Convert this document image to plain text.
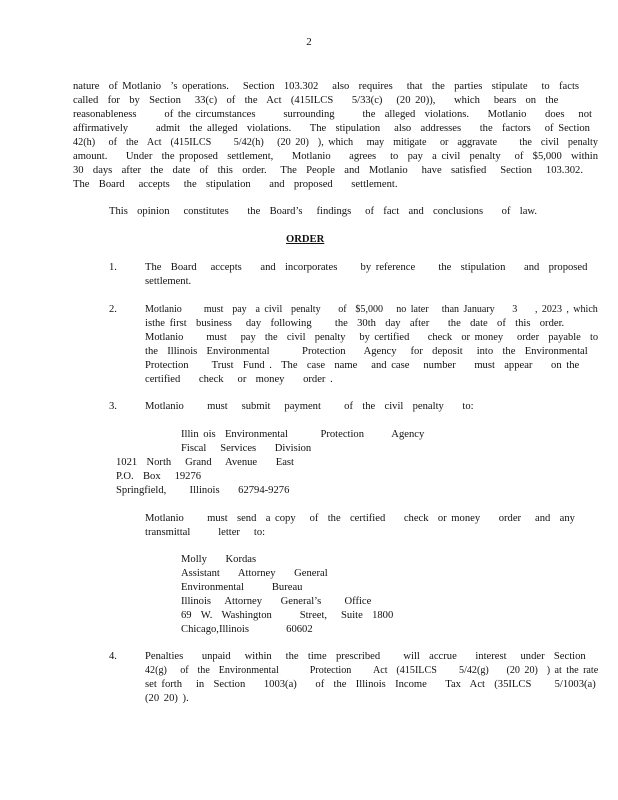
2
nature  of Motlanio  ’s operations.   Section  103.302   also  requires   that  the  parties  stipulate   to  facts
called  for  by  Section   33(c)  of  the  Act  (415ILCS    5/33(c)   (20 20)),    which   bears  on  the
reasonableness      of the circumstances      surrounding      the  alleged  violations.    Motlanio    does   not
affirmatively      admit  the alleged  violations.    The  stipulation   also  addresses    the  factors   of Section
42(h)   of  the  Act  (415ILCS     5/42(h)   (20 20)  ), which   may  mitigate   or  aggravate     the  civil  penalty
amount.    Under  the proposed  settlement,    Motlanio    agrees   to  pay  a civil  penalty   of  $5,000  within
30  days  after  the  date  of  this  order.   The  People  and  Motlanio   have  satisfied   Section   103.302.
The  Board   accepts   the  stipulation    and  proposed    settlement.
This  opinion   constitutes    the  Board’s   findings   of  fact  and  conclusions    of  law.
ORDER
1.	The  Board   accepts    and  incorporates     by reference     the  stipulation    and  proposed
settlement.
2.	Motlanio     must  pay  a civil  penalty    of  $5,000   no later   than January    3    , 2023 , which
isthe first  business   day  following     the  30th  day  after    the  date  of  this  order.
Motlanio     must   pay  the  civil  penalty   by certified    check  or money   order  payable  to
the  Illinois  Environmental       Protection    Agency   for  deposit   into  the  Environmental
Protection     Trust  Fund .  The  case  name   and case   number    must  appear    on the
certified    check   or  money    order .
3.	Motlanio     must   submit   payment     of  the  civil  penalty    to:
Illin ois  Environmental       Protection      Agency
Fiscal   Services    Division
1021  North   Grand   Avenue    East
P.O.  Box   19276
Springfield,     Illinois    62794-9276
Motlanio     must  send  a copy   of  the  certified    check  or money    order   and  any
transmittal      letter   to:
Molly    Kordas
Assistant    Attorney    General
Environmental      Bureau
Illinois   Attorney    General’s     Office
69  W.  Washington      Street,   Suite  1800
Chicago,Illinois        60602
4.	Penalties    unpaid   within   the  time  prescribed     will  accrue    interest   under  Section
42(g)   of  the  Environmental       Protection     Act  (415ILCS     5/42(g)    (20 20)  ) at the rate
set forth   in  Section    1003(a)    of  the  Illinois  Income    Tax  Act  (35ILCS     5/1003(a)
(20 20) ).
